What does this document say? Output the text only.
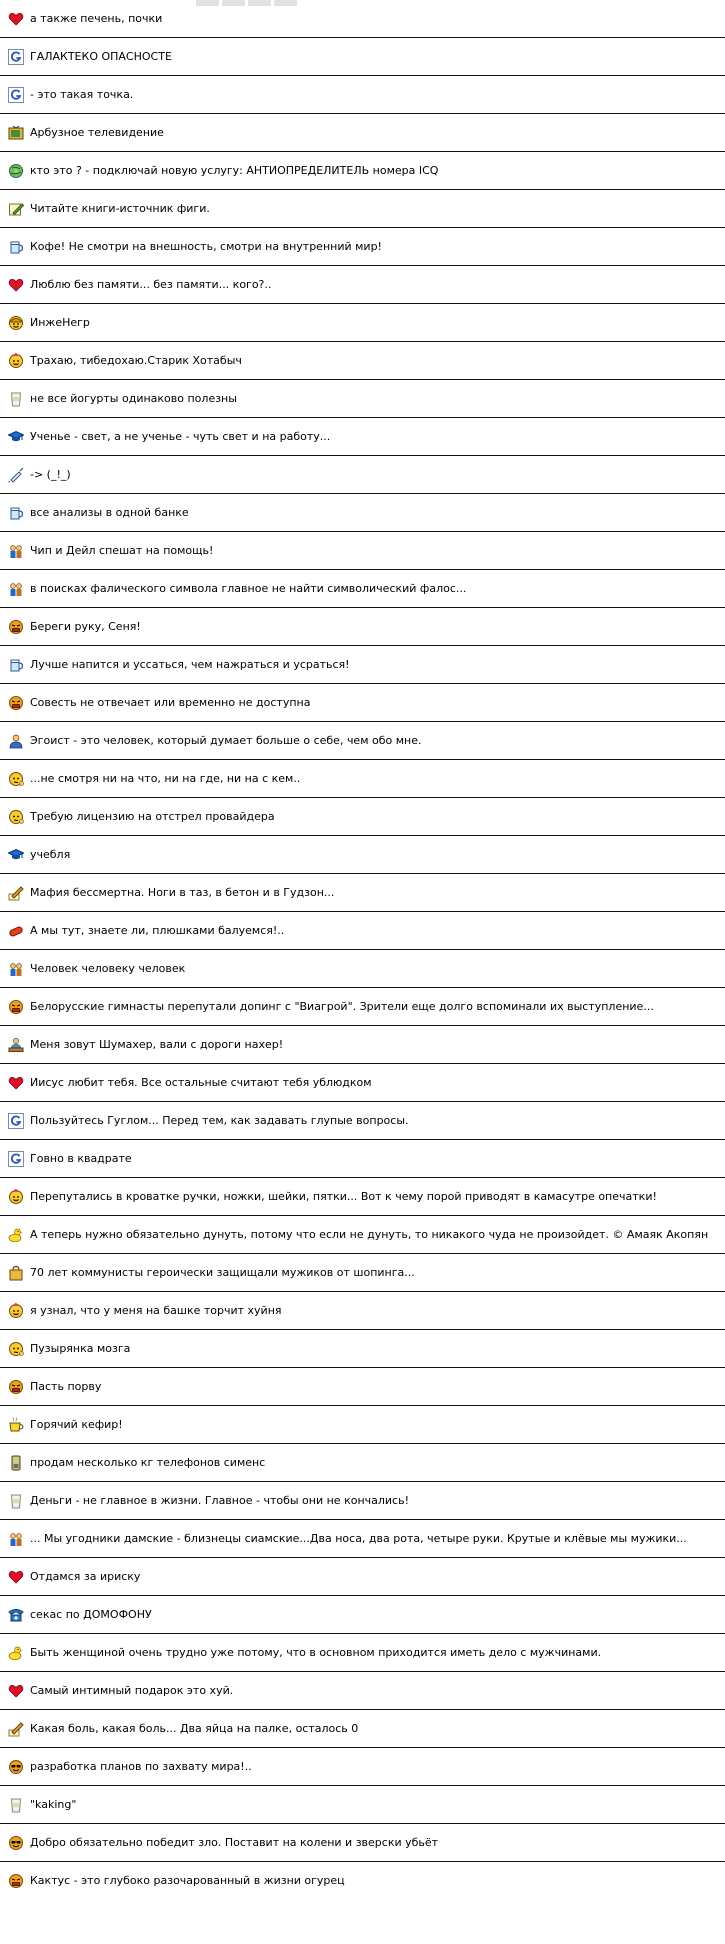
а также печень, почки
ГАЛАКТЕКО ОПАСНОСТЕ
- это такая точка.
Арбузное телевидение
кто это ? - подключай новую услугу: АНТИОПРЕДЕЛИТЕЛЬ номера ICQ
Читайте книги-источник фиги.
Кофе! Не смотри на внешность, смотри на внутренний мир!
Люблю без памяти... без памяти... кого?..
ИнжеНегр
Трахаю, тибедохаю.Старик Хотабыч
не все йогурты одинаково полезны
Ученье - свет, а не ученье - чуть свет и на работу...
-> (_!_)
все анализы в одной банке
Чип и Дейл спешат на помощь!
в поисках фалического символа главное не найти символический фалос...
Береги руку, Сеня!
Лучше напится и уссаться, чем нажраться и усраться!
Совесть не отвечает или временно не доступна
Эгоист - это человек, который думает больше о себе, чем обо мне.
...не смотря ни на что, ни на где, ни на с кем..
Требую лицензию на отстрел провайдера
учебля
Мафия бессмертна. Ноги в таз, в бетон и в Гудзон...
А мы тут, знаете ли, плюшками балуемся!..
Человек человеку человек
Белорусские гимнасты перепутали допинг с "Виагрой". Зрители еще долго вспоминали их выступление...
Меня зовут Шумахер, вали с дороги нахер!
Иисус любит тебя. Все остальные считают тебя ублюдком
Пользуйтесь Гуглом... Перед тем, как задавать глупые вопросы.
Говно в квадрате
Перепутались в кроватке ручки, ножки, шейки, пятки... Вот к чему порой приводят в камасутре опечатки!
А теперь нужно обязательно дунуть, потому что если не дунуть, то никакого чуда не произойдет. © Амаяк Акопян
70 лет коммунисты героически защищали мужиков от шопинга...
я узнал, что у меня на башке торчит хуйня
Пузырянка мозга
Пасть порву
Горячий кефир!
продам несколько кг телефонов сименс
Деньги - не главное в жизни. Главное - чтобы они не кончались!
... Мы угодники дамские - близнецы сиамские...Два носа, два рота, четыре руки. Крутые и клёвые мы мужики...
Отдамся за ириску
секас по ДОМОФОНУ
Быть женщиной очень трудно уже потому, что в основном приходится иметь дело с мужчинами.
Самый интимный подарок это хуй.
Какая боль, какая боль... Два яйца на палке, осталось 0
разработка планов по захвату мира!..
"kaking"
Добро обязательно победит зло. Поставит на колени и зверски убьёт
Кактус - это глубоко разочарованный в жизни огурец
